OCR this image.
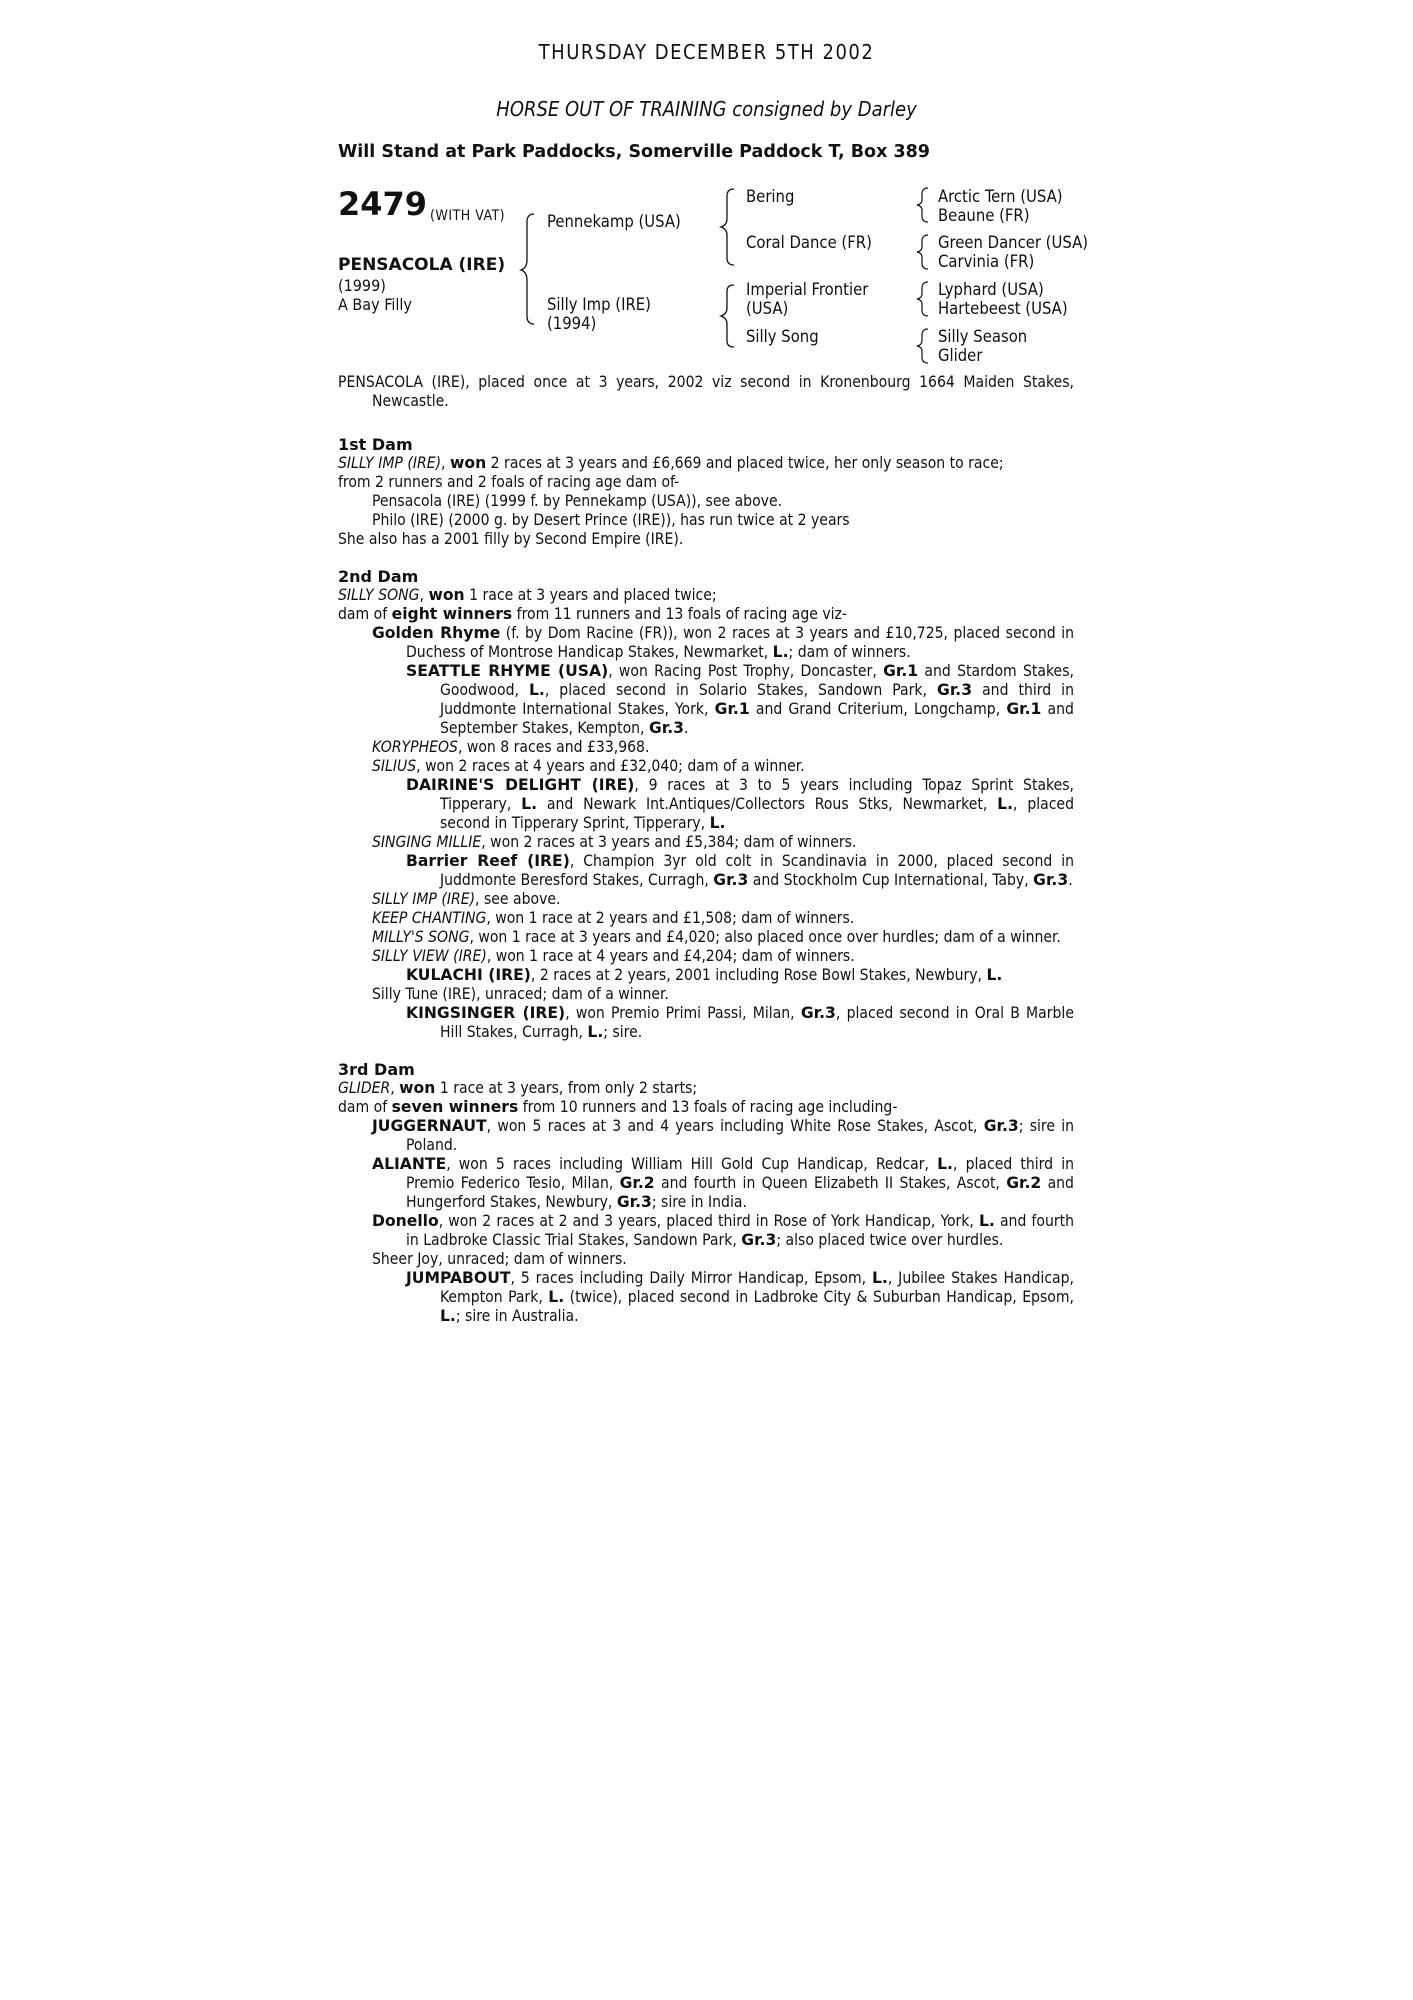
THURSDAY DECEMBER 5TH 2002
HORSE OUT OF TRAINING consigned by Darley
Will Stand at Park Paddocks, Somerville Paddock T, Box 389
2479 (WITH VAT)
PENSACOLA (IRE)
(1999)
A Bay Filly
Pennekamp (USA)
Silly Imp (IRE)
(1994)
Bering
Coral Dance (FR)
Imperial Frontier
(USA)
Silly Song
Arctic Tern (USA)
Beaune (FR)
Green Dancer (USA)
Carvinia (FR)
Lyphard (USA)
Hartebeest (USA)
Silly Season
Glider
PENSACOLA (IRE), placed once at 3 years, 2002 viz second in Kronenbourg 1664 Maiden Stakes, Newcastle.
1st Dam
SILLY IMP (IRE), won 2 races at 3 years and £6,669 and placed twice, her only season to race;
from 2 runners and 2 foals of racing age dam of-
Pensacola (IRE) (1999 f. by Pennekamp (USA)), see above.
Philo (IRE) (2000 g. by Desert Prince (IRE)), has run twice at 2 years
She also has a 2001 filly by Second Empire (IRE).
2nd Dam
SILLY SONG, won 1 race at 3 years and placed twice;
dam of eight winners from 11 runners and 13 foals of racing age viz-
Golden Rhyme (f. by Dom Racine (FR)), won 2 races at 3 years and £10,725, placed second in Duchess of Montrose Handicap Stakes, Newmarket, L.; dam of winners.
SEATTLE RHYME (USA), won Racing Post Trophy, Doncaster, Gr.1 and Stardom Stakes, Goodwood, L., placed second in Solario Stakes, Sandown Park, Gr.3 and third in Juddmonte International Stakes, York, Gr.1 and Grand Criterium, Longchamp, Gr.1 and September Stakes, Kempton, Gr.3.
KORYPHEOS, won 8 races and £33,968.
SILIUS, won 2 races at 4 years and £32,040; dam of a winner.
DAIRINE'S DELIGHT (IRE), 9 races at 3 to 5 years including Topaz Sprint Stakes, Tipperary, L. and Newark Int.Antiques/Collectors Rous Stks, Newmarket, L., placed second in Tipperary Sprint, Tipperary, L.
SINGING MILLIE, won 2 races at 3 years and £5,384; dam of winners.
Barrier Reef (IRE), Champion 3yr old colt in Scandinavia in 2000, placed second in Juddmonte Beresford Stakes, Curragh, Gr.3 and Stockholm Cup International, Taby, Gr.3.
SILLY IMP (IRE), see above.
KEEP CHANTING, won 1 race at 2 years and £1,508; dam of winners.
MILLY'S SONG, won 1 race at 3 years and £4,020; also placed once over hurdles; dam of a winner.
SILLY VIEW (IRE), won 1 race at 4 years and £4,204; dam of winners.
KULACHI (IRE), 2 races at 2 years, 2001 including Rose Bowl Stakes, Newbury, L.
Silly Tune (IRE), unraced; dam of a winner.
KINGSINGER (IRE), won Premio Primi Passi, Milan, Gr.3, placed second in Oral B Marble Hill Stakes, Curragh, L.; sire.
3rd Dam
GLIDER, won 1 race at 3 years, from only 2 starts;
dam of seven winners from 10 runners and 13 foals of racing age including-
JUGGERNAUT, won 5 races at 3 and 4 years including White Rose Stakes, Ascot, Gr.3; sire in Poland.
ALIANTE, won 5 races including William Hill Gold Cup Handicap, Redcar, L., placed third in Premio Federico Tesio, Milan, Gr.2 and fourth in Queen Elizabeth II Stakes, Ascot, Gr.2 and Hungerford Stakes, Newbury, Gr.3; sire in India.
Donello, won 2 races at 2 and 3 years, placed third in Rose of York Handicap, York, L. and fourth in Ladbroke Classic Trial Stakes, Sandown Park, Gr.3; also placed twice over hurdles.
Sheer Joy, unraced; dam of winners.
JUMPABOUT, 5 races including Daily Mirror Handicap, Epsom, L., Jubilee Stakes Handicap, Kempton Park, L. (twice), placed second in Ladbroke City & Suburban Handicap, Epsom, L.; sire in Australia.
